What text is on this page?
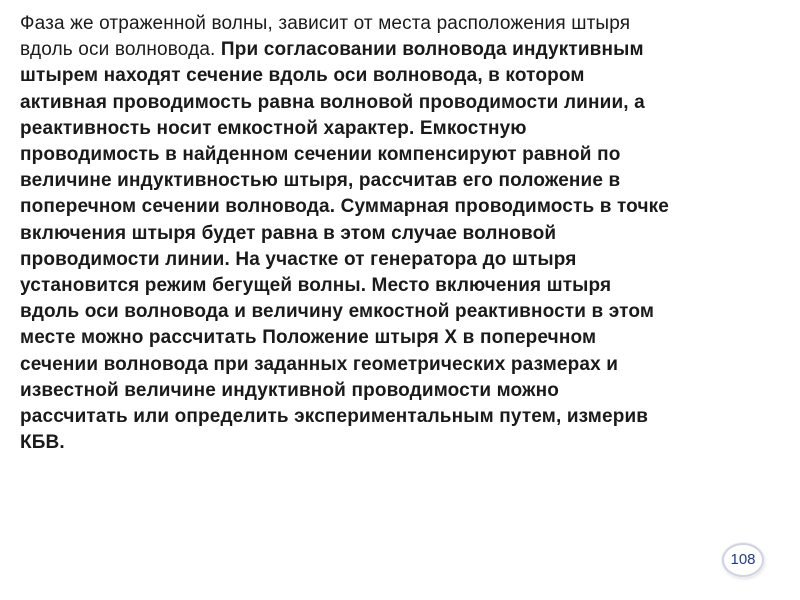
Фаза же отраженной волны, зависит от места расположения штыря
вдоль оси волновода. При согласовании волновода индуктивным
штырем находят сечение вдоль оси волновода, в котором
активная проводимость равна волновой проводимости линии, а
реактивность носит емкостной характер. Емкостную
проводимость в найденном сечении компенсируют равной по
величине индуктивностью штыря, рассчитав его положение в
поперечном сечении волновода. Суммарная проводимость в точке
включения штыря будет равна в этом случае волновой
проводимости линии. На участке от генератора до штыря
установится режим бегущей волны. Место включения штыря
вдоль оси волновода и величину емкостной реактивности в этом
месте можно рассчитать Положение штыря X в поперечном
сечении волновода при заданных геометрических размерах и
известной величине индуктивной проводимости можно
рассчитать или определить экспериментальным путем, измерив
КБВ.
108
